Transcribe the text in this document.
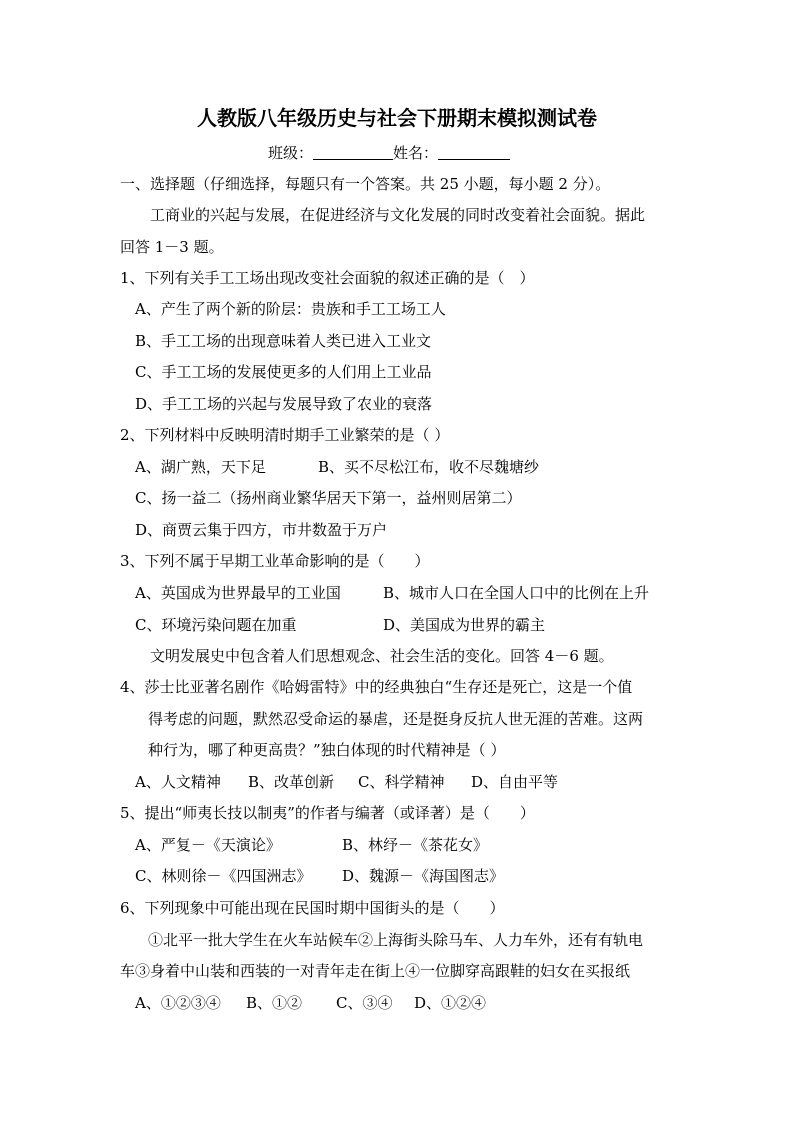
人教版八年级历史与社会下册期末模拟测试卷
班级：	姓名：
一、选择题（仔细选择，每题只有一个答案。共 25 小题，每小题 2 分）。
工商业的兴起与发展，在促进经济与文化发展的同时改变着社会面貌。据此
回答 1－3 题。
1、下列有关手工工场出现改变社会面貌的叙述正确的是（　）
A、产生了两个新的阶层：贵族和手工工场工人
B、手工工场的出现意味着人类已进入工业文
C、手工工场的发展使更多的人们用上工业品
D、手工工场的兴起与发展导致了农业的衰落
2、下列材料中反映明清时期手工业繁荣的是（ ）
A、湖广熟，天下足	B、买不尽松江布，收不尽魏塘纱
C、扬一益二（扬州商业繁华居天下第一，益州则居第二）
D、商贾云集于四方，市井数盈于万户
3、下列不属于早期工业革命影响的是（　　）
A、英国成为世界最早的工业国	B、城市人口在全国人口中的比例在上升
C、环境污染问题在加重	D、美国成为世界的霸主
文明发展史中包含着人们思想观念、社会生活的变化。回答 4－6 题。
4、莎士比亚著名剧作《哈姆雷特》中的经典独白“生存还是死亡，这是一个值
得考虑的问题，默然忍受命运的暴虐，还是挺身反抗人世无涯的苦难。这两
种行为，哪了种更高贵？”独白体现的时代精神是（ ）
A、人文精神 B、改革创新 C、科学精神 D、自由平等
5、提出“师夷长技以制夷”的作者与编著（或译著）是（　　）
A、严复－《天演论》	B、林纾－《茶花女》
C、林则徐－《四国洲志》 D、魏源－《海国图志》
6、下列现象中可能出现在民国时期中国街头的是（　　）
①北平一批大学生在火车站候车②上海街头除马车、人力车外，还有有轨电
车③身着中山装和西装的一对青年走在街上④一位脚穿高跟鞋的妇女在买报纸
A、①②③④ B、①② C、③④ D、①②④
